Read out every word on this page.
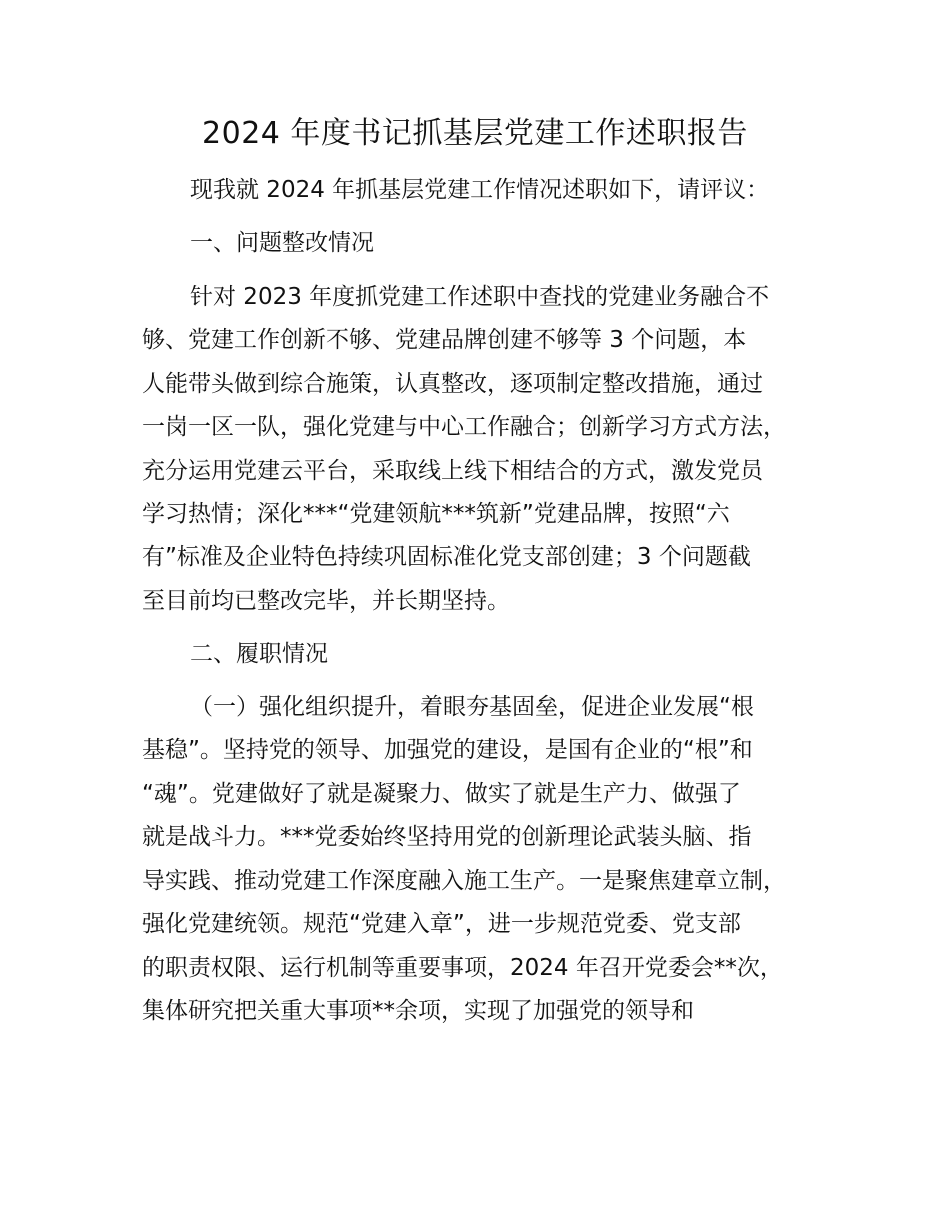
2024 年度书记抓基层党建工作述职报告

现我就 2024 年抓基层党建工作情况述职如下，请评议：

一、问题整改情况

针对 2023 年度抓党建工作述职中查找的党建业务融合不

够、党建工作创新不够、党建品牌创建不够等 3 个问题，本

人能带头做到综合施策，认真整改，逐项制定整改措施，通过

一岗一区一队，强化党建与中心工作融合；创新学习方式方法，

充分运用党建云平台，采取线上线下相结合的方式，激发党员

学习热情；深化***“党建领航***筑新”党建品牌，按照“六

有”标准及企业特色持续巩固标准化党支部创建；3 个问题截

至目前均已整改完毕，并长期坚持。

二、履职情况

（一）强化组织提升，着眼夯基固垒，促进企业发展“根

基稳”。坚持党的领导、加强党的建设，是国有企业的“根”和

“魂”。党建做好了就是凝聚力、做实了就是生产力、做强了

就是战斗力。***党委始终坚持用党的创新理论武装头脑、指

导实践、推动党建工作深度融入施工生产。一是聚焦建章立制，

强化党建统领。规范“党建入章”，进一步规范党委、党支部

的职责权限、运行机制等重要事项，2024 年召开党委会**次，

集体研究把关重大事项**余项，实现了加强党的领导和
